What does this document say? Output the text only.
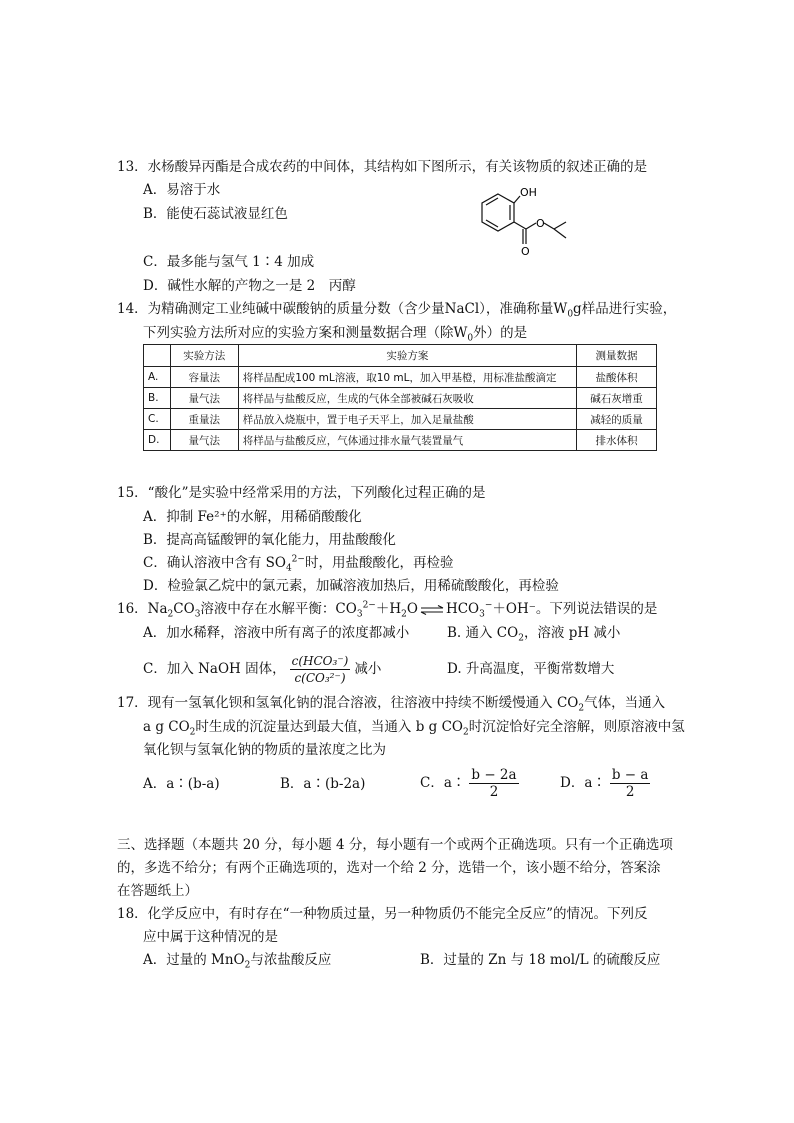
13．水杨酸异丙酯是合成农药的中间体，其结构如下图所示，有关该物质的叙述正确的是
A．易溶于水
B．能使石蕊试液显红色
OH
O
O
C．最多能与氢气 1∶4 加成
D．碱性水解的产物之一是 2　丙醇
14．为精确测定工业纯碱中碳酸钠的质量分数（含少量NaCl），准确称量$W_0g$样品进行实验，
下列实验方法所对应的实验方案和测量数据合理（除$W_0$外）的是
	实验方法	实验方案	测量数据
A.	容量法	将样品配成100 mL溶液，取10 mL，加入甲基橙，用标准盐酸滴定	盐酸体积
B.	量气法	将样品与盐酸反应，生成的气体全部被碱石灰吸收	碱石灰增重
C.	重量法	样品放入烧瓶中，置于电子天平上，加入足量盐酸	减轻的质量
D.	量气法	将样品与盐酸反应，气体通过排水量气装置量气	排水体积
15．“酸化”是实验中经常采用的方法，下列酸化过程正确的是
A．抑制 Fe²⁺的水解，用稀硝酸酸化
B．提高高锰酸钾的氧化能力，用盐酸酸化
C．确认溶液中含有 $SO_4^{2-}$时，用盐酸酸化，再检验
D．检验氯乙烷中的氯元素，加碱溶液加热后，用稀硫酸酸化，再检验
16．$Na_2CO_3$溶液中存在水解平衡：$CO_3^{2-}+H_2O$ ⇌ $HCO_3^-+OH^-$。下列说法错误的是
A．加水稀释，溶液中所有离子的浓度都减小	B. 通入 $CO_2$，溶液 pH 减小
C．加入 NaOH 固体， $\frac{\text{c(HCO₃⁻)}}{\text{c(CO₃²⁻)}}$ 减小	D. 升高温度，平衡常数增大
17．现有一氢氧化钡和氢氧化钠的混合溶液，往溶液中持续不断缓慢通入 $CO_2$气体，当通入
a g $CO_2$时生成的沉淀量达到最大值，当通入 b g $CO_2$时沉淀恰好完全溶解，则原溶液中氢
氧化钡与氢氧化钠的物质的量浓度之比为
A．a∶(b-a)	B．a∶(b-2a)	C．a∶ $\frac{b - 2a}{2}$	D．a∶ $\frac{b - a}{2}$
三、选择题（本题共 20 分，每小题 4 分，每小题有一个或两个正确选项。只有一个正确选项
的，多选不给分；有两个正确选项的，选对一个给 2 分，选错一个，该小题不给分，答案涂
在答题纸上）
18．化学反应中，有时存在“一种物质过量，另一种物质仍不能完全反应”的情况。下列反
应中属于这种情况的是
A．过量的 MnO$_2$与浓盐酸反应	B．过量的 Zn 与 18 mol/L 的硫酸反应
